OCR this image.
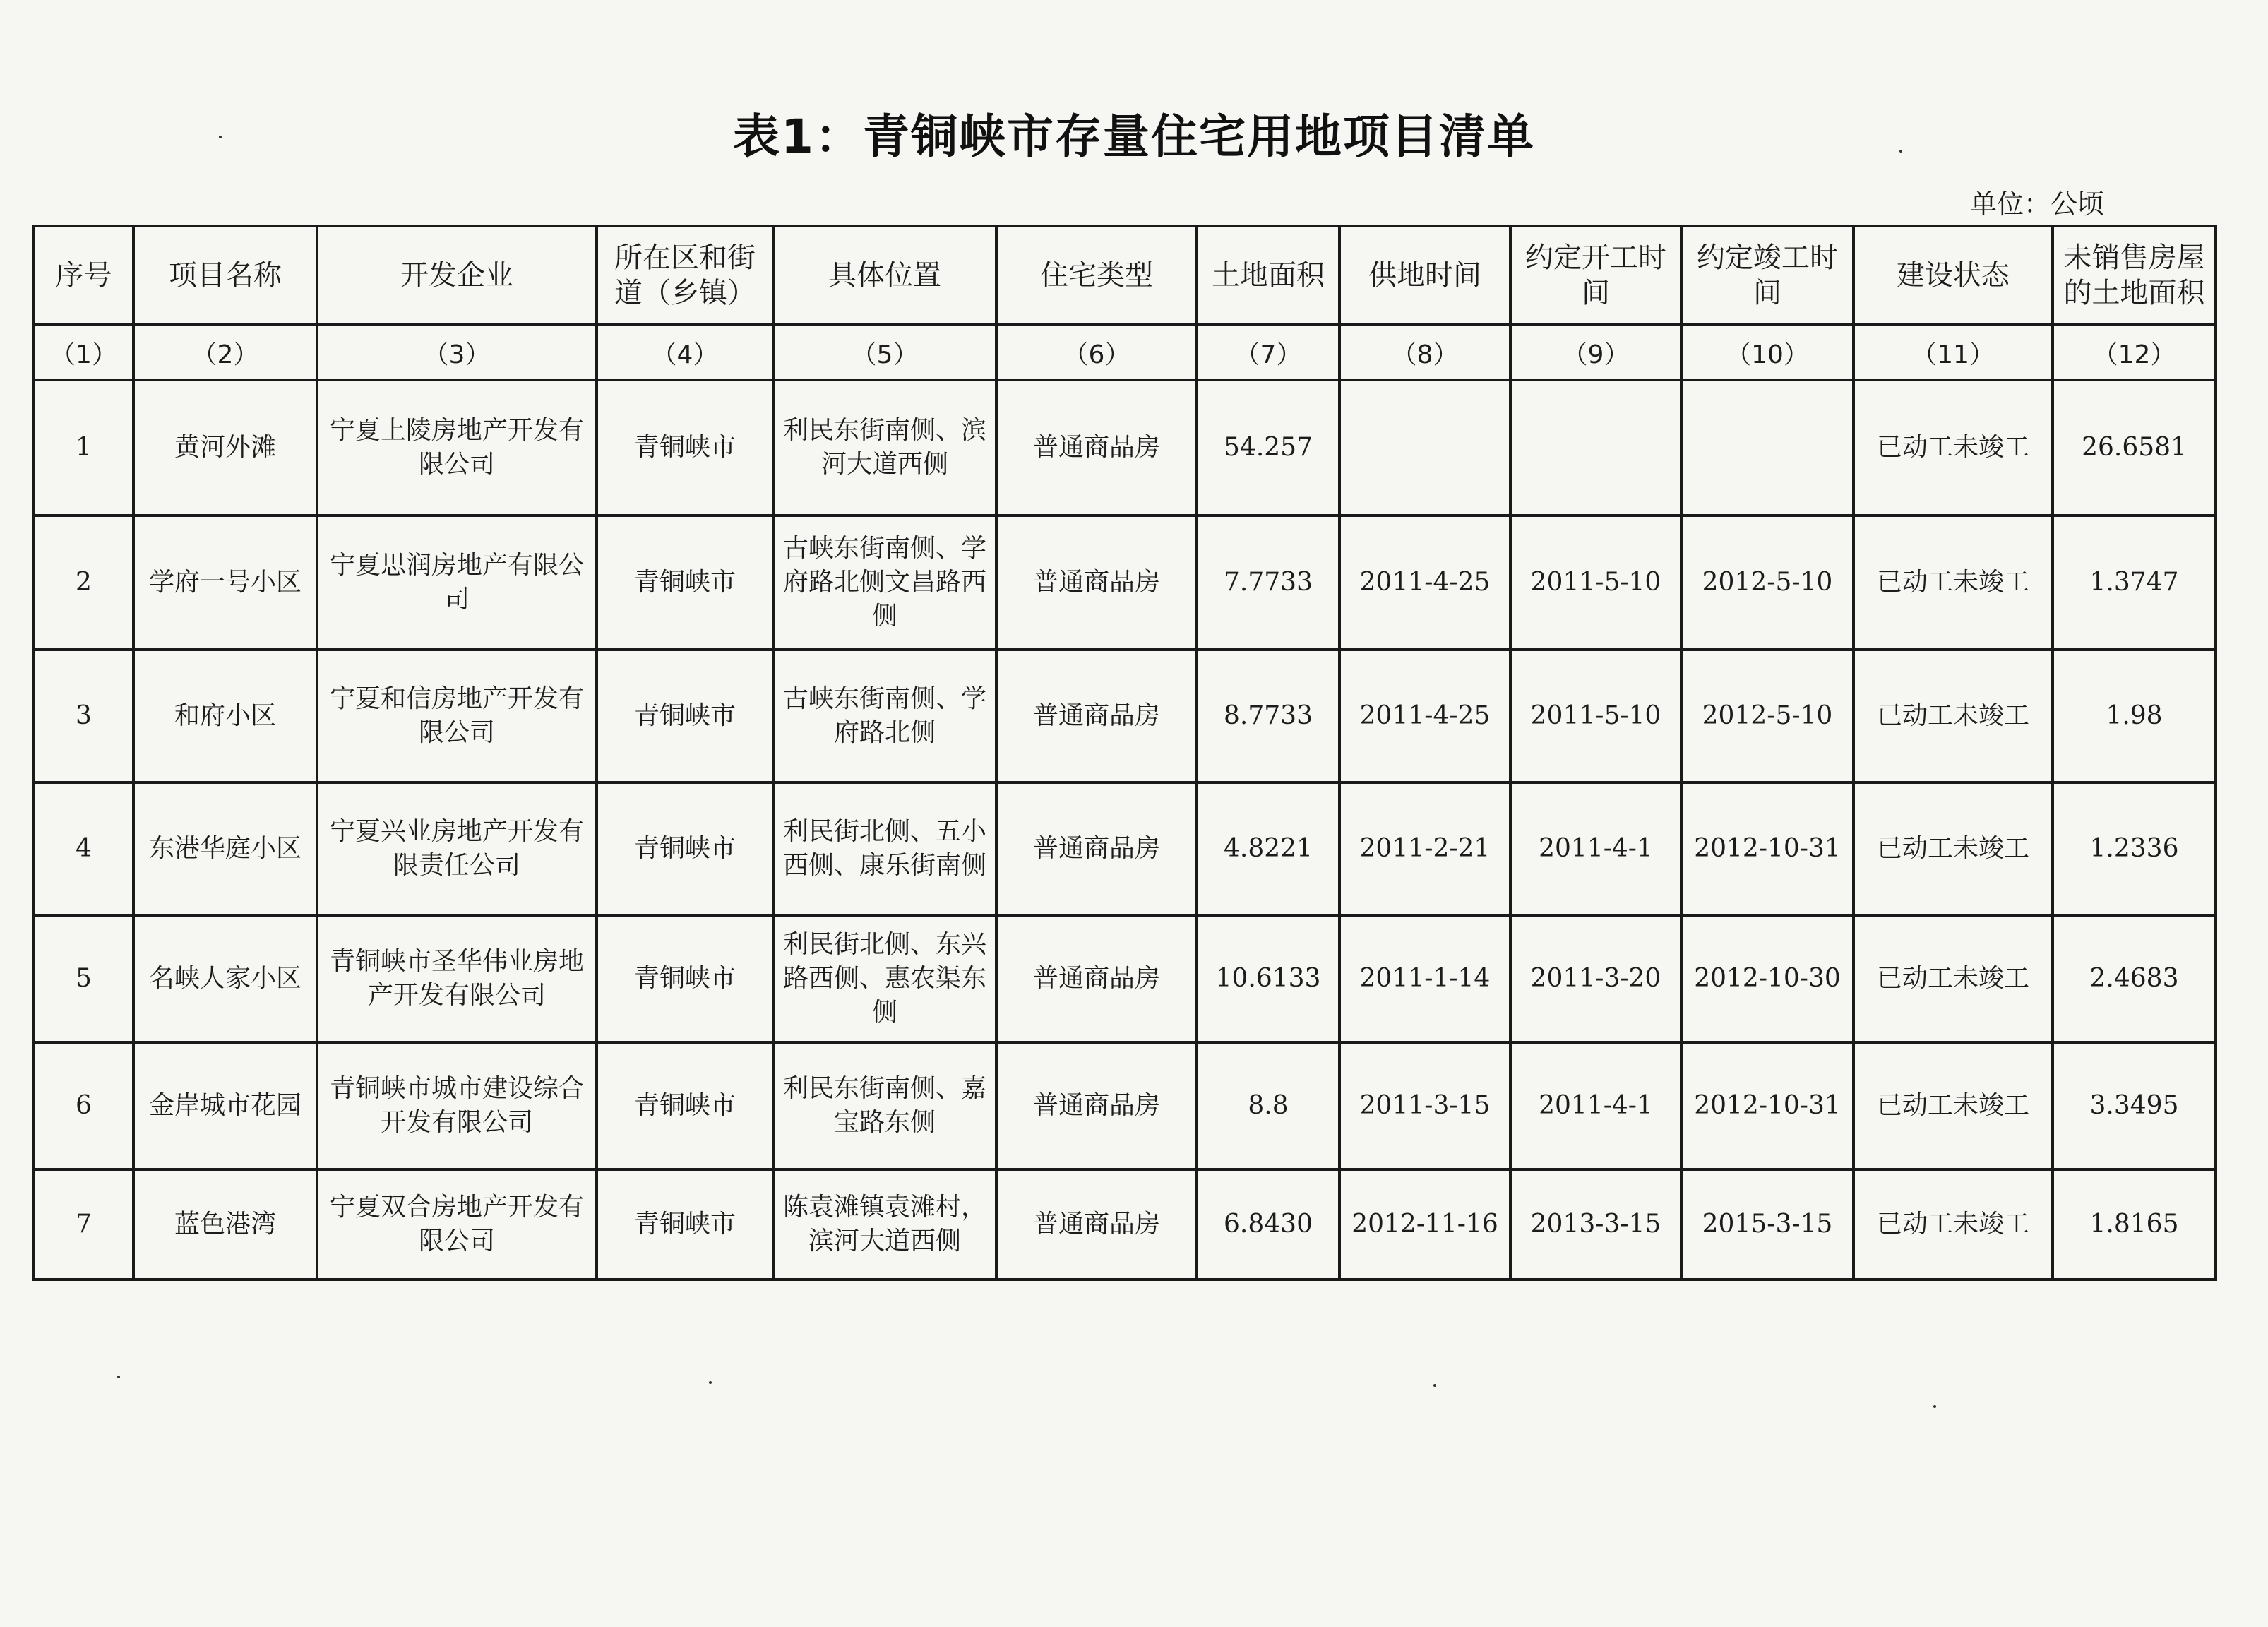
表1：青铜峡市存量住宅用地项目清单
单位：公顷
序号	项目名称	开发企业	所在区和街道（乡镇）	具体位置	住宅类型	土地面积	供地时间	约定开工时间	约定竣工时间	建设状态	未销售房屋的土地面积
（1）	（2）	（3）	（4）	（5）	（6）	（7）	（8）	（9）	（10）	（11）	（12）
1	黄河外滩	宁夏上陵房地产开发有限公司	青铜峡市	利民东街南侧、滨河大道西侧	普通商品房	54.257				已动工未竣工	26.6581
2	学府一号小区	宁夏思润房地产有限公司	青铜峡市	古峡东街南侧、学府路北侧文昌路西侧	普通商品房	7.7733	2011-4-25	2011-5-10	2012-5-10	已动工未竣工	1.3747
3	和府小区	宁夏和信房地产开发有限公司	青铜峡市	古峡东街南侧、学府路北侧	普通商品房	8.7733	2011-4-25	2011-5-10	2012-5-10	已动工未竣工	1.98
4	东港华庭小区	宁夏兴业房地产开发有限责任公司	青铜峡市	利民街北侧、五小西侧、康乐街南侧	普通商品房	4.8221	2011-2-21	2011-4-1	2012-10-31	已动工未竣工	1.2336
5	名峡人家小区	青铜峡市圣华伟业房地产开发有限公司	青铜峡市	利民街北侧、东兴路西侧、惠农渠东侧	普通商品房	10.6133	2011-1-14	2011-3-20	2012-10-30	已动工未竣工	2.4683
6	金岸城市花园	青铜峡市城市建设综合开发有限公司	青铜峡市	利民东街南侧、嘉宝路东侧	普通商品房	8.8	2011-3-15	2011-4-1	2012-10-31	已动工未竣工	3.3495
7	蓝色港湾	宁夏双合房地产开发有限公司	青铜峡市	陈袁滩镇袁滩村，滨河大道西侧	普通商品房	6.8430	2012-11-16	2013-3-15	2015-3-15	已动工未竣工	1.8165
